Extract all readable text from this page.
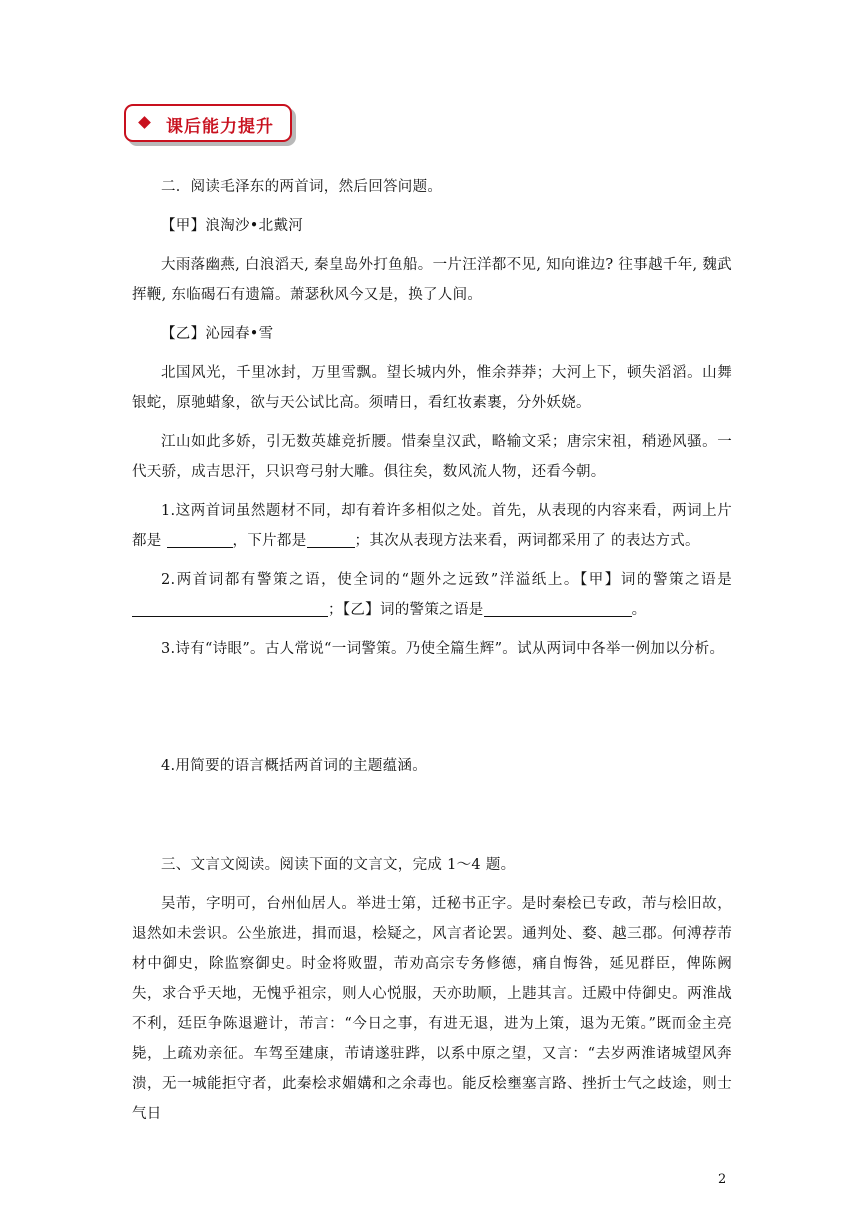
课后能力提升

二．阅读毛泽东的两首词，然后回答问题。

【甲】浪淘沙•北戴河

大雨落幽燕, 白浪滔天, 秦皇岛外打鱼船。一片汪洋都不见, 知向谁边? 往事越千年, 魏武挥鞭, 东临碣石有遗篇。萧瑟秋风今又是，换了人间。

【乙】沁园春•雪

北国风光，千里冰封，万里雪飘。望长城内外，惟余莽莽；大河上下，顿失滔滔。山舞银蛇，原驰蜡象，欲与天公试比高。须晴日，看红妆素裹，分外妖娆。

江山如此多娇，引无数英雄竞折腰。惜秦皇汉武，略输文采；唐宗宋祖，稍逊风骚。一代天骄，成吉思汗，只识弯弓射大雕。俱往矣，数风流人物，还看今朝。

1.这两首词虽然题材不同，却有着许多相似之处。首先，从表现的内容来看，两词上片都是	，下片都是	；其次从表现方法来看，两词都采用了 的表达方式。

2.两首词都有警策之语，使全词的“题外之远致”洋溢纸上。【甲】词的警策之语是；【乙】词的警策之语是	。

3.诗有“诗眼”。古人常说“一词警策。乃使全篇生辉”。试从两词中各举一例加以分析。

4.用简要的语言概括两首词的主题蕴涵。

三、文言文阅读。阅读下面的文言文，完成 1～4 题。

吴芾，字明可，台州仙居人。举进士第，迁秘书正字。是时秦桧已专政，芾与桧旧故，退然如未尝识。公坐旅进，揖而退，桧疑之，风言者论罢。通判处、婺、越三郡。何溥荐芾材中御史，除监察御史。时金将败盟，芾劝高宗专务修德，痛自悔咎，延见群臣，俾陈阙失，求合乎天地，无愧乎祖宗，则人心悦服，天亦助顺，上韪其言。迁殿中侍御史。两淮战不利，廷臣争陈退避计，芾言：“今日之事，有进无退，进为上策，退为无策。”既而金主亮毙，上疏劝亲征。车驾至建康，芾请遂驻跸，以系中原之望，又言：“去岁两淮诸城望风奔溃，无一城能拒守者，此秦桧求媚媾和之余毒也。能反桧壅塞言路、挫折士气之歧途，则士气日

2
